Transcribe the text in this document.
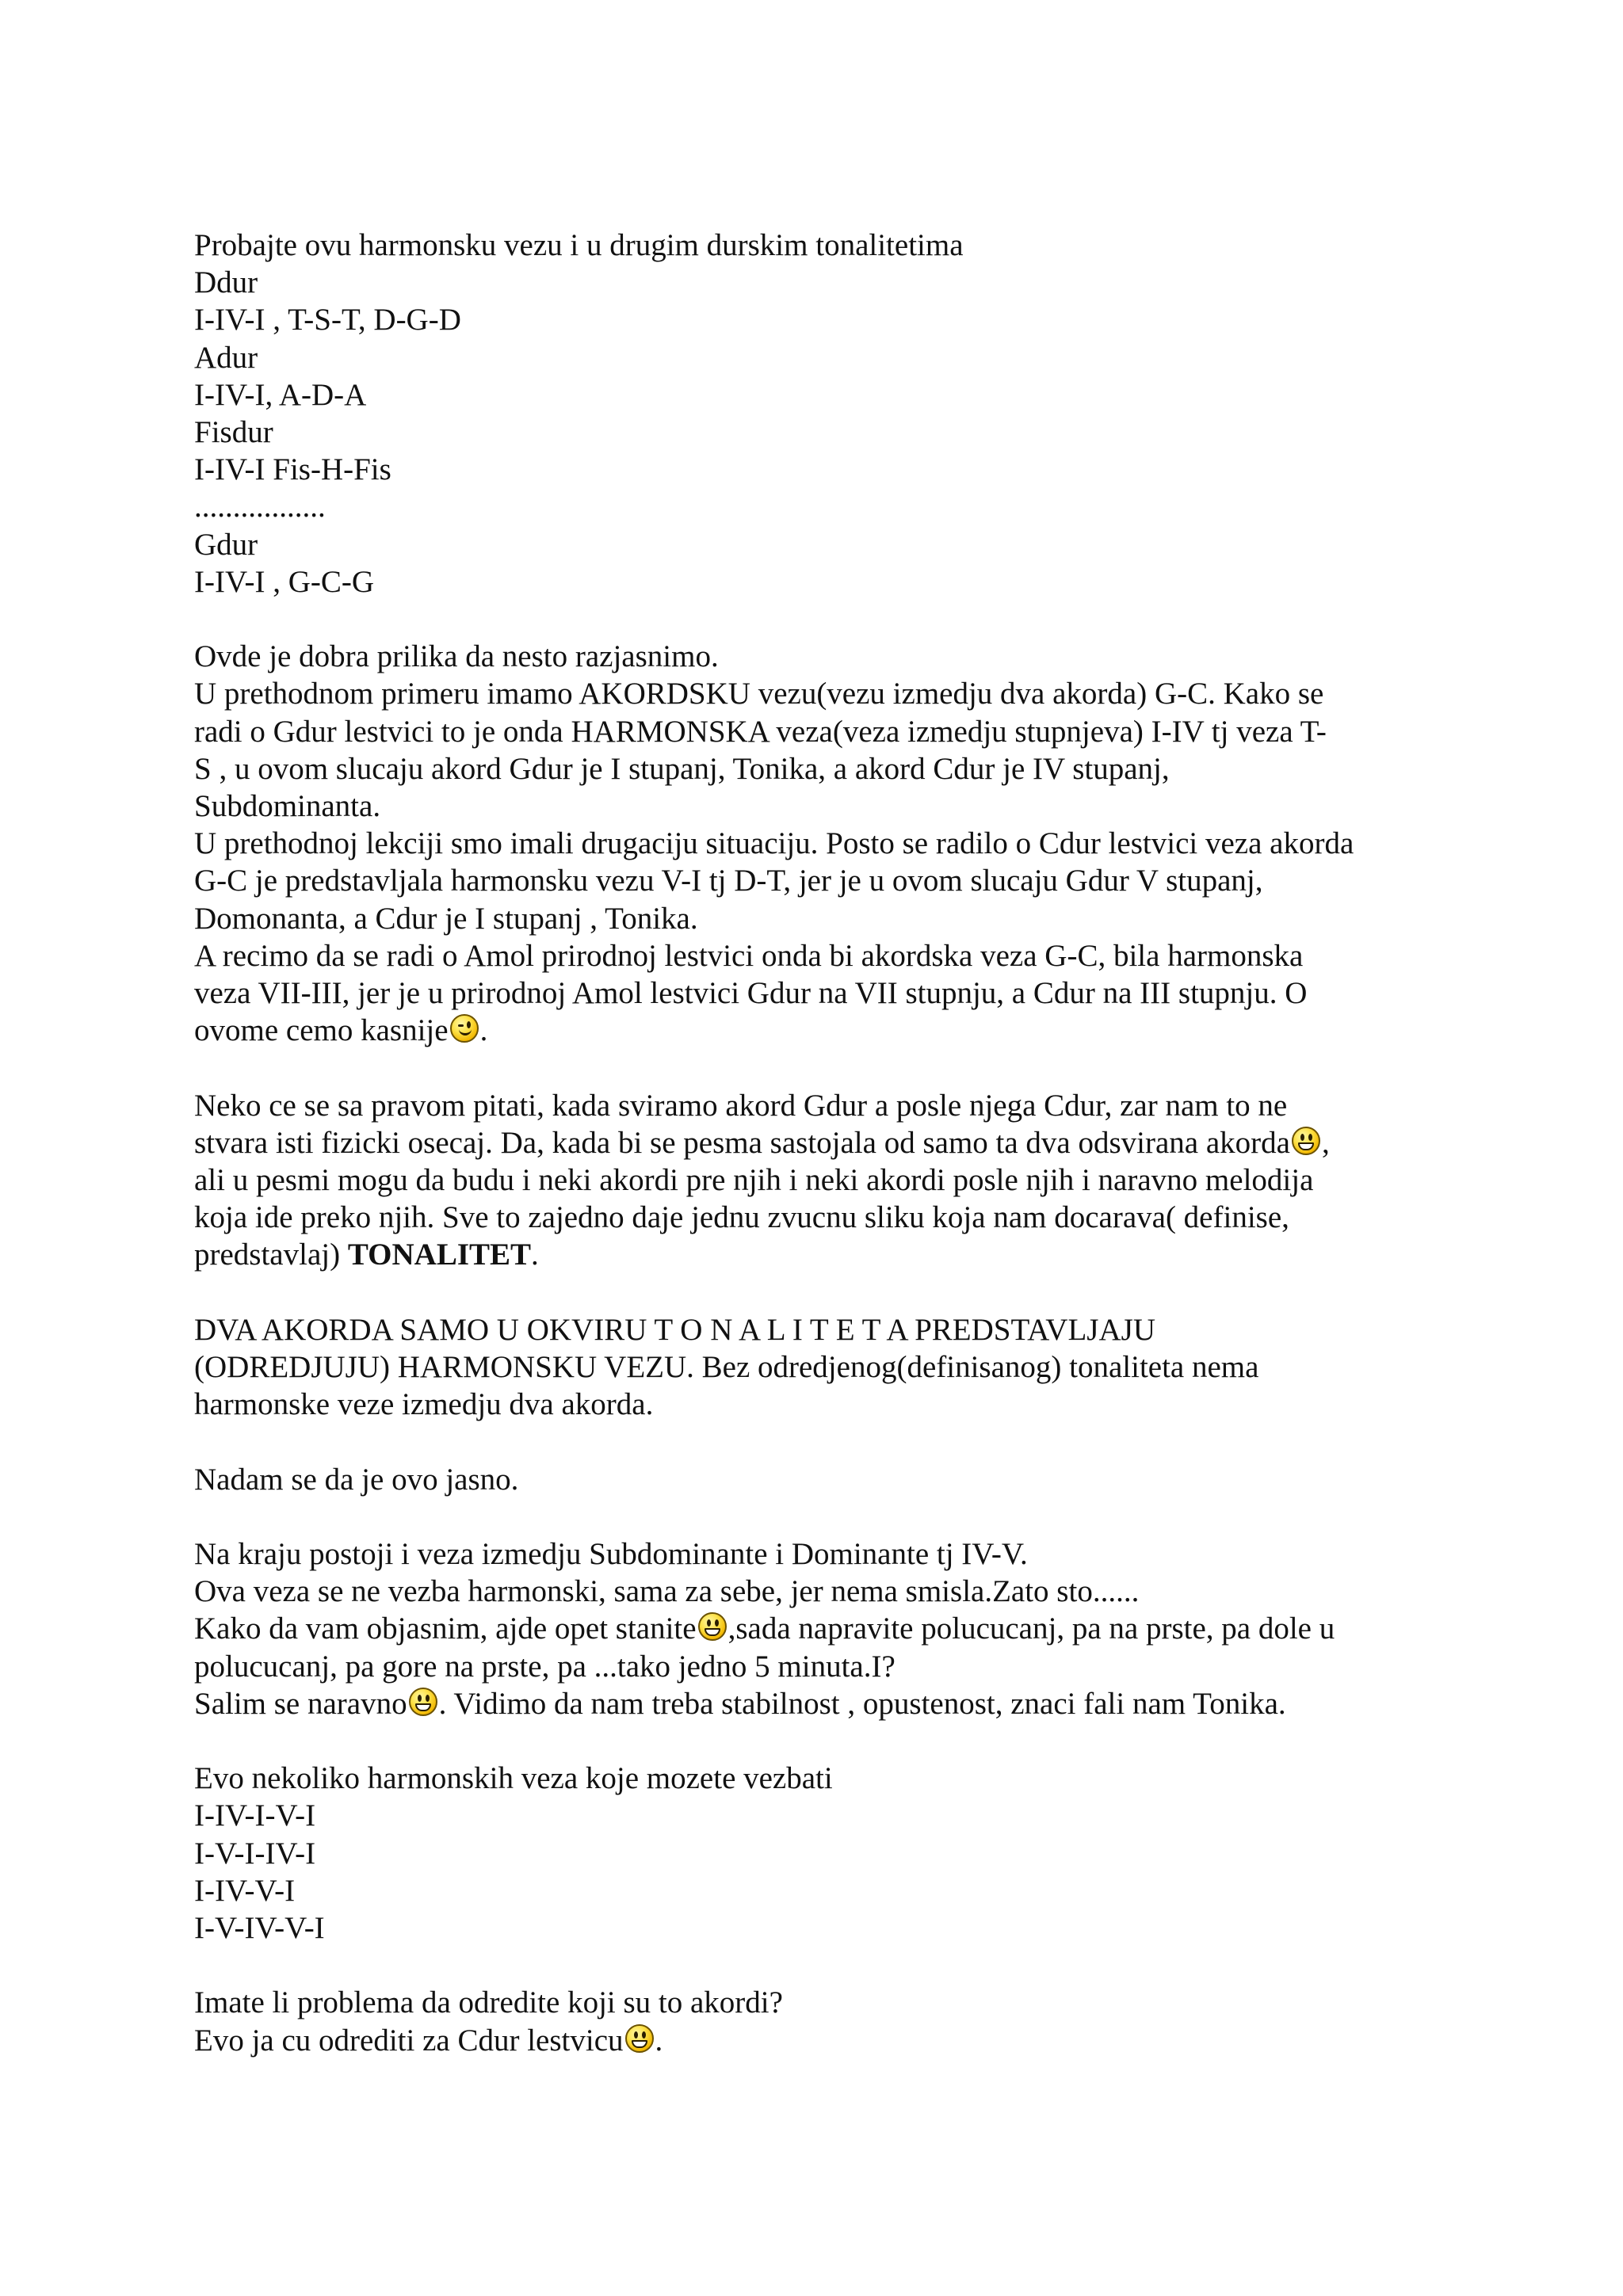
Probajte ovu harmonsku vezu i u drugim durskim tonalitetima
Ddur
I-IV-I , T-S-T, D-G-D
Adur
I-IV-I, A-D-A
Fisdur
I-IV-I Fis-H-Fis
.................
Gdur
I-IV-I , G-C-G
Ovde je dobra prilika da nesto razjasnimo.
U prethodnom primeru imamo AKORDSKU vezu(vezu izmedju dva akorda) G-C. Kako se
radi o Gdur lestvici to je onda HARMONSKA veza(veza izmedju stupnjeva) I-IV tj veza T-
S , u ovom slucaju akord Gdur je I stupanj, Tonika, a akord Cdur je IV stupanj,
Subdominanta.
U prethodnoj lekciji smo imali drugaciju situaciju. Posto se radilo o Cdur lestvici veza akorda
G-C je predstavljala harmonsku vezu V-I tj D-T, jer je u ovom slucaju Gdur V stupanj,
Domonanta, a Cdur je I stupanj , Tonika.
A recimo da se radi o Amol prirodnoj lestvici onda bi akordska veza G-C, bila harmonska
veza VII-III, jer je u prirodnoj Amol lestvici Gdur na VII stupnju, a Cdur na III stupnju. O
ovome cemo kasnije .
Neko ce se sa pravom pitati, kada sviramo akord Gdur a posle njega Cdur, zar nam to ne
stvara isti fizicki osecaj. Da, kada bi se pesma sastojala od samo ta dva odsvirana akorda ,
ali u pesmi mogu da budu i neki akordi pre njih i neki akordi posle njih i naravno melodija
koja ide preko njih. Sve to zajedno daje jednu zvucnu sliku koja nam docarava( definise,
predstavlaj) TONALITET.
DVA AKORDA SAMO U OKVIRU T O N A L I T E T A PREDSTAVLJAJU
(ODREDJUJU) HARMONSKU VEZU. Bez odredjenog(definisanog) tonaliteta nema
harmonske veze izmedju dva akorda.
Nadam se da je ovo jasno.
Na kraju postoji i veza izmedju Subdominante i Dominante tj IV-V.
Ova veza se ne vezba harmonski, sama za sebe, jer nema smisla.Zato sto......
Kako da vam objasnim, ajde opet stanite ,sada napravite polucucanj, pa na prste, pa dole u
polucucanj, pa gore na prste, pa ...tako jedno 5 minuta.I?
Salim se naravno . Vidimo da nam treba stabilnost , opustenost, znaci fali nam Tonika.
Evo nekoliko harmonskih veza koje mozete vezbati
I-IV-I-V-I
I-V-I-IV-I
I-IV-V-I
I-V-IV-V-I
Imate li problema da odredite koji su to akordi?
Evo ja cu odrediti za Cdur lestvicu .
